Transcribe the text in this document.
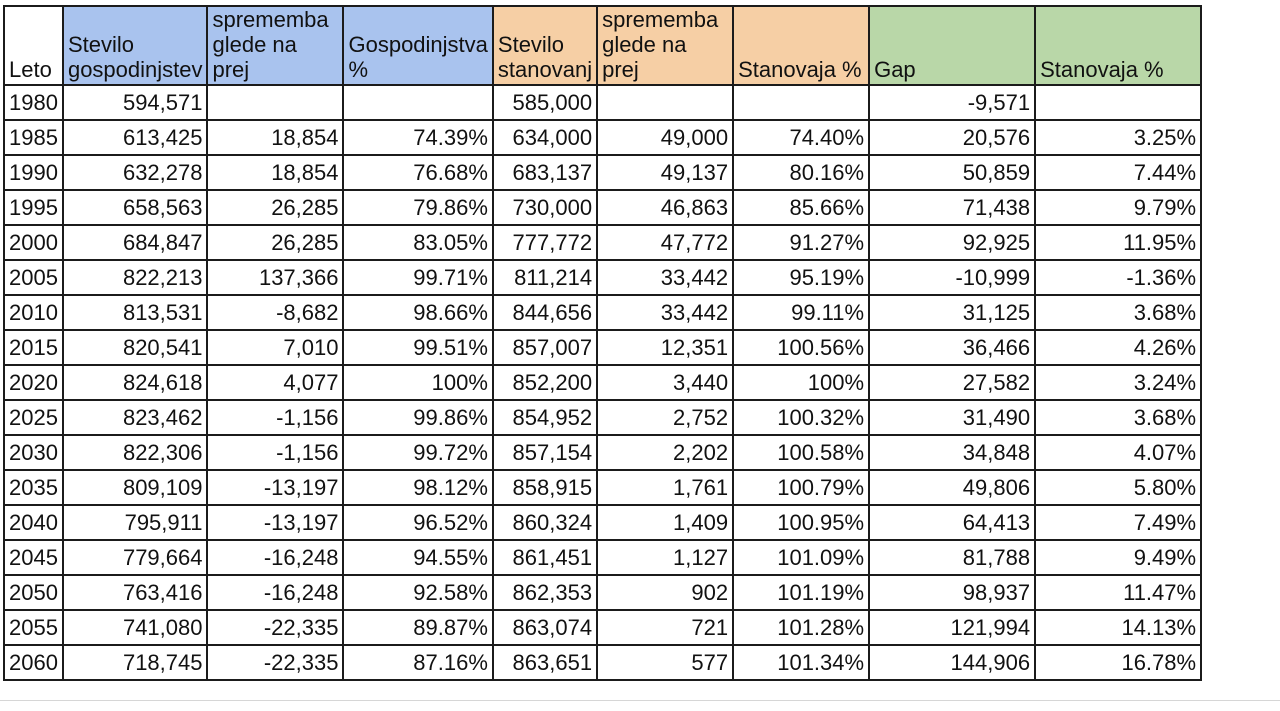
Leto	Stevilo gospodinjstev	sprememba glede na prej	Gospodinjstva %	Stevilo stanovanj	sprememba glede na prej	Stanovaja %	Gap	Stanovaja %
1980	594,571			585,000			-9,571	
1985	613,425	18,854	74.39%	634,000	49,000	74.40%	20,576	3.25%
1990	632,278	18,854	76.68%	683,137	49,137	80.16%	50,859	7.44%
1995	658,563	26,285	79.86%	730,000	46,863	85.66%	71,438	9.79%
2000	684,847	26,285	83.05%	777,772	47,772	91.27%	92,925	11.95%
2005	822,213	137,366	99.71%	811,214	33,442	95.19%	-10,999	-1.36%
2010	813,531	-8,682	98.66%	844,656	33,442	99.11%	31,125	3.68%
2015	820,541	7,010	99.51%	857,007	12,351	100.56%	36,466	4.26%
2020	824,618	4,077	100%	852,200	3,440	100%	27,582	3.24%
2025	823,462	-1,156	99.86%	854,952	2,752	100.32%	31,490	3.68%
2030	822,306	-1,156	99.72%	857,154	2,202	100.58%	34,848	4.07%
2035	809,109	-13,197	98.12%	858,915	1,761	100.79%	49,806	5.80%
2040	795,911	-13,197	96.52%	860,324	1,409	100.95%	64,413	7.49%
2045	779,664	-16,248	94.55%	861,451	1,127	101.09%	81,788	9.49%
2050	763,416	-16,248	92.58%	862,353	902	101.19%	98,937	11.47%
2055	741,080	-22,335	89.87%	863,074	721	101.28%	121,994	14.13%
2060	718,745	-22,335	87.16%	863,651	577	101.34%	144,906	16.78%
